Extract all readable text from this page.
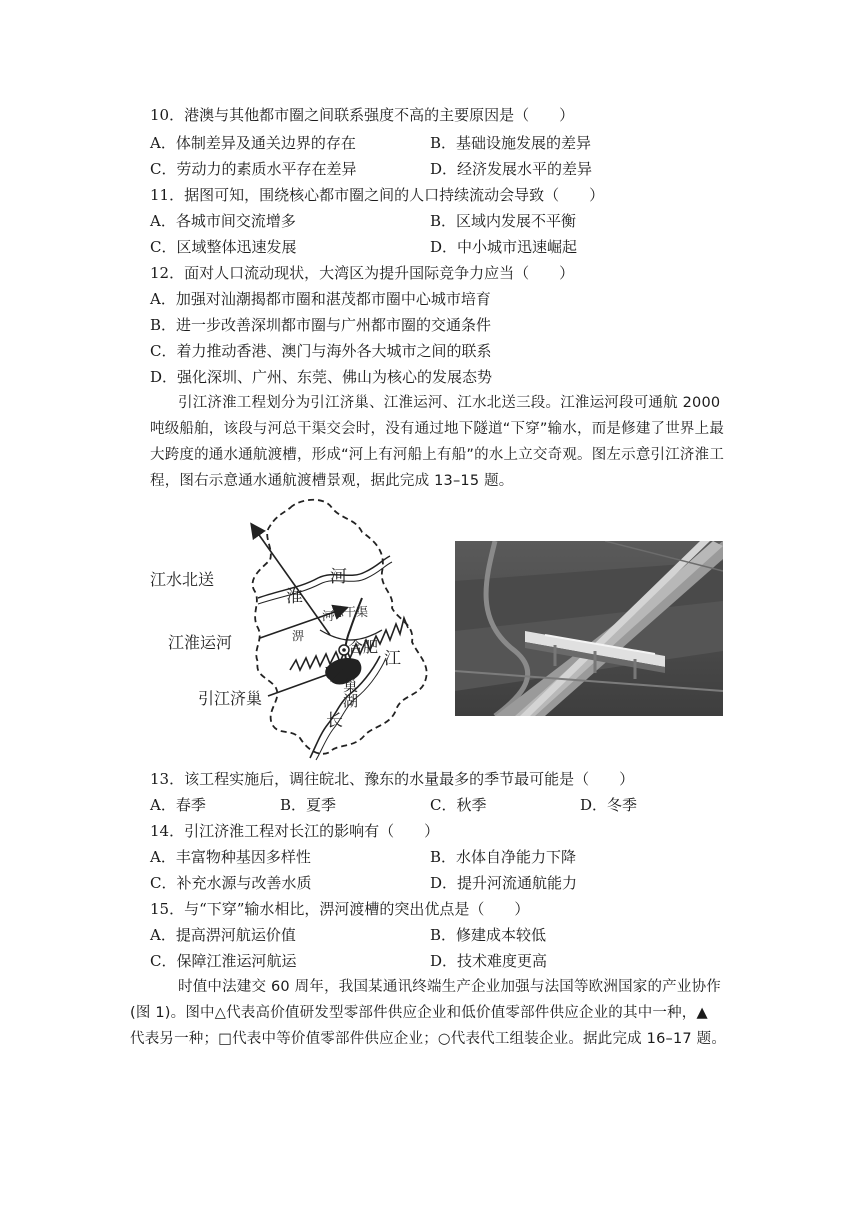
10．港澳与其他都市圈之间联系强度不高的主要原因是（　　）
A．体制差异及通关边界的存在	B．基础设施发展的差异
C．劳动力的素质水平存在差异	D．经济发展水平的差异
11．据图可知，围绕核心都市圈之间的人口持续流动会导致（　　）
A．各城市间交流增多	B．区域内发展不平衡
C．区域整体迅速发展	D．中小城市迅速崛起
12．面对人口流动现状，大湾区为提升国际竞争力应当（　　）
A．加强对汕潮揭都市圈和湛茂都市圈中心城市培育
B．进一步改善深圳都市圈与广州都市圈的交通条件
C．着力推动香港、澳门与海外各大城市之间的联系
D．强化深圳、广州、东莞、佛山为核心的发展态势
引江济淮工程划分为引江济巢、江淮运河、江水北送三段。江淮运河段可通航 2000
吨级船舶，该段与河总干渠交会时，没有通过地下隧道“下穿”输水，而是修建了世界上最
大跨度的通水通航渡槽，形成“河上有河船上有船”的水上立交奇观。图左示意引江济淮工
程，图右示意通水通航渡槽景观，据此完成 13–15 题。
江水北送
江淮运河
引江济巢
淮
河
江
长
巢湖
合肥
淠
河
总干渠
13．该工程实施后，调往皖北、豫东的水量最多的季节最可能是（　　）
A．春季	B．夏季	C．秋季	D．冬季
14．引江济淮工程对长江的影响有（　　）
A．丰富物种基因多样性	B．水体自净能力下降
C．补充水源与改善水质	D．提升河流通航能力
15．与“下穿”输水相比，淠河渡槽的突出优点是（　　）
A．提高淠河航运价值	B．修建成本较低
C．保障江淮运河航运	D．技术难度更高
时值中法建交 60 周年，我国某通讯终端生产企业加强与法国等欧洲国家的产业协作
(图 1)。图中△代表高价值研发型零部件供应企业和低价值零部件供应企业的其中一种，▲
代表另一种；□代表中等价值零部件供应企业；○代表代工组装企业。据此完成 16–17 题。
